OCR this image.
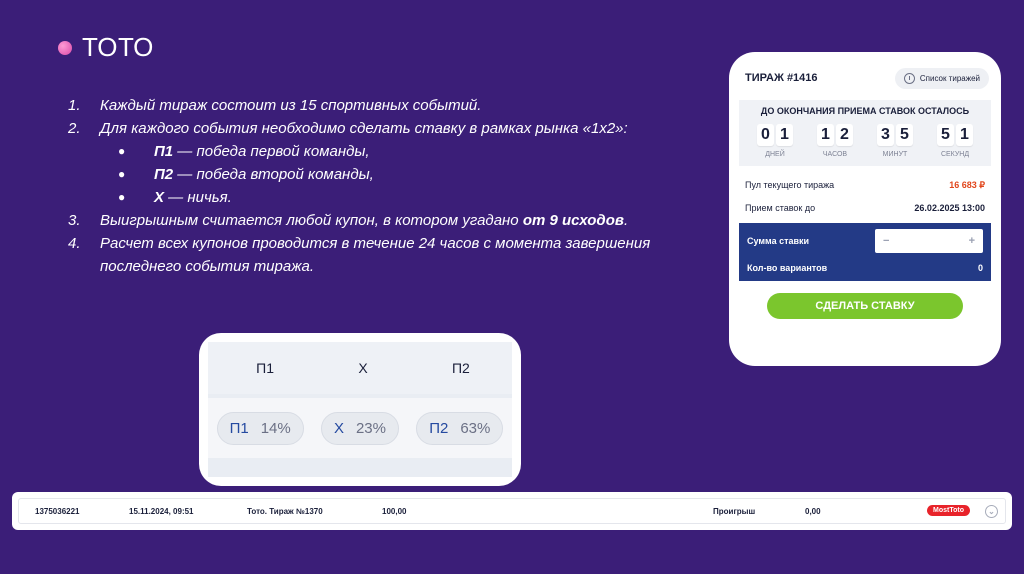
ТОТО
1.	Каждый тираж состоит из 15 спортивных событий.
2.	Для каждого события необходимо сделать ставку в рамках рынка «1х2»:
●	П1 — победа первой команды,
●	П2 — победа второй команды,
●	Х — ничья.
3.	Выигрышным считается любой купон, в котором угадано от 9 исходов.
4.	Расчет всех купонов проводится в течение 24 часов с момента завершения последнего события тиража.
ТИРАЖ #1416	Список тиражей
ДО ОКОНЧАНИЯ ПРИЕМА СТАВОК ОСТАЛОСЬ
0 1
ДНЕЙ
1 2
ЧАСОВ
3 5
МИНУТ
5 1
СЕКУНД
Пул текущего тиража	16 683 ₽
Прием ставок до	26.02.2025 13:00
Сумма ставки	−	+
Кол-во вариантов	0
СДЕЛАТЬ СТАВКУ
П1	Х	П2
П1 14%	Х 23%	П2 63%
1375036221	15.11.2024, 09:51	Тото. Тираж №1370	100,00	Проигрыш	0,00	MostToto	⌄
